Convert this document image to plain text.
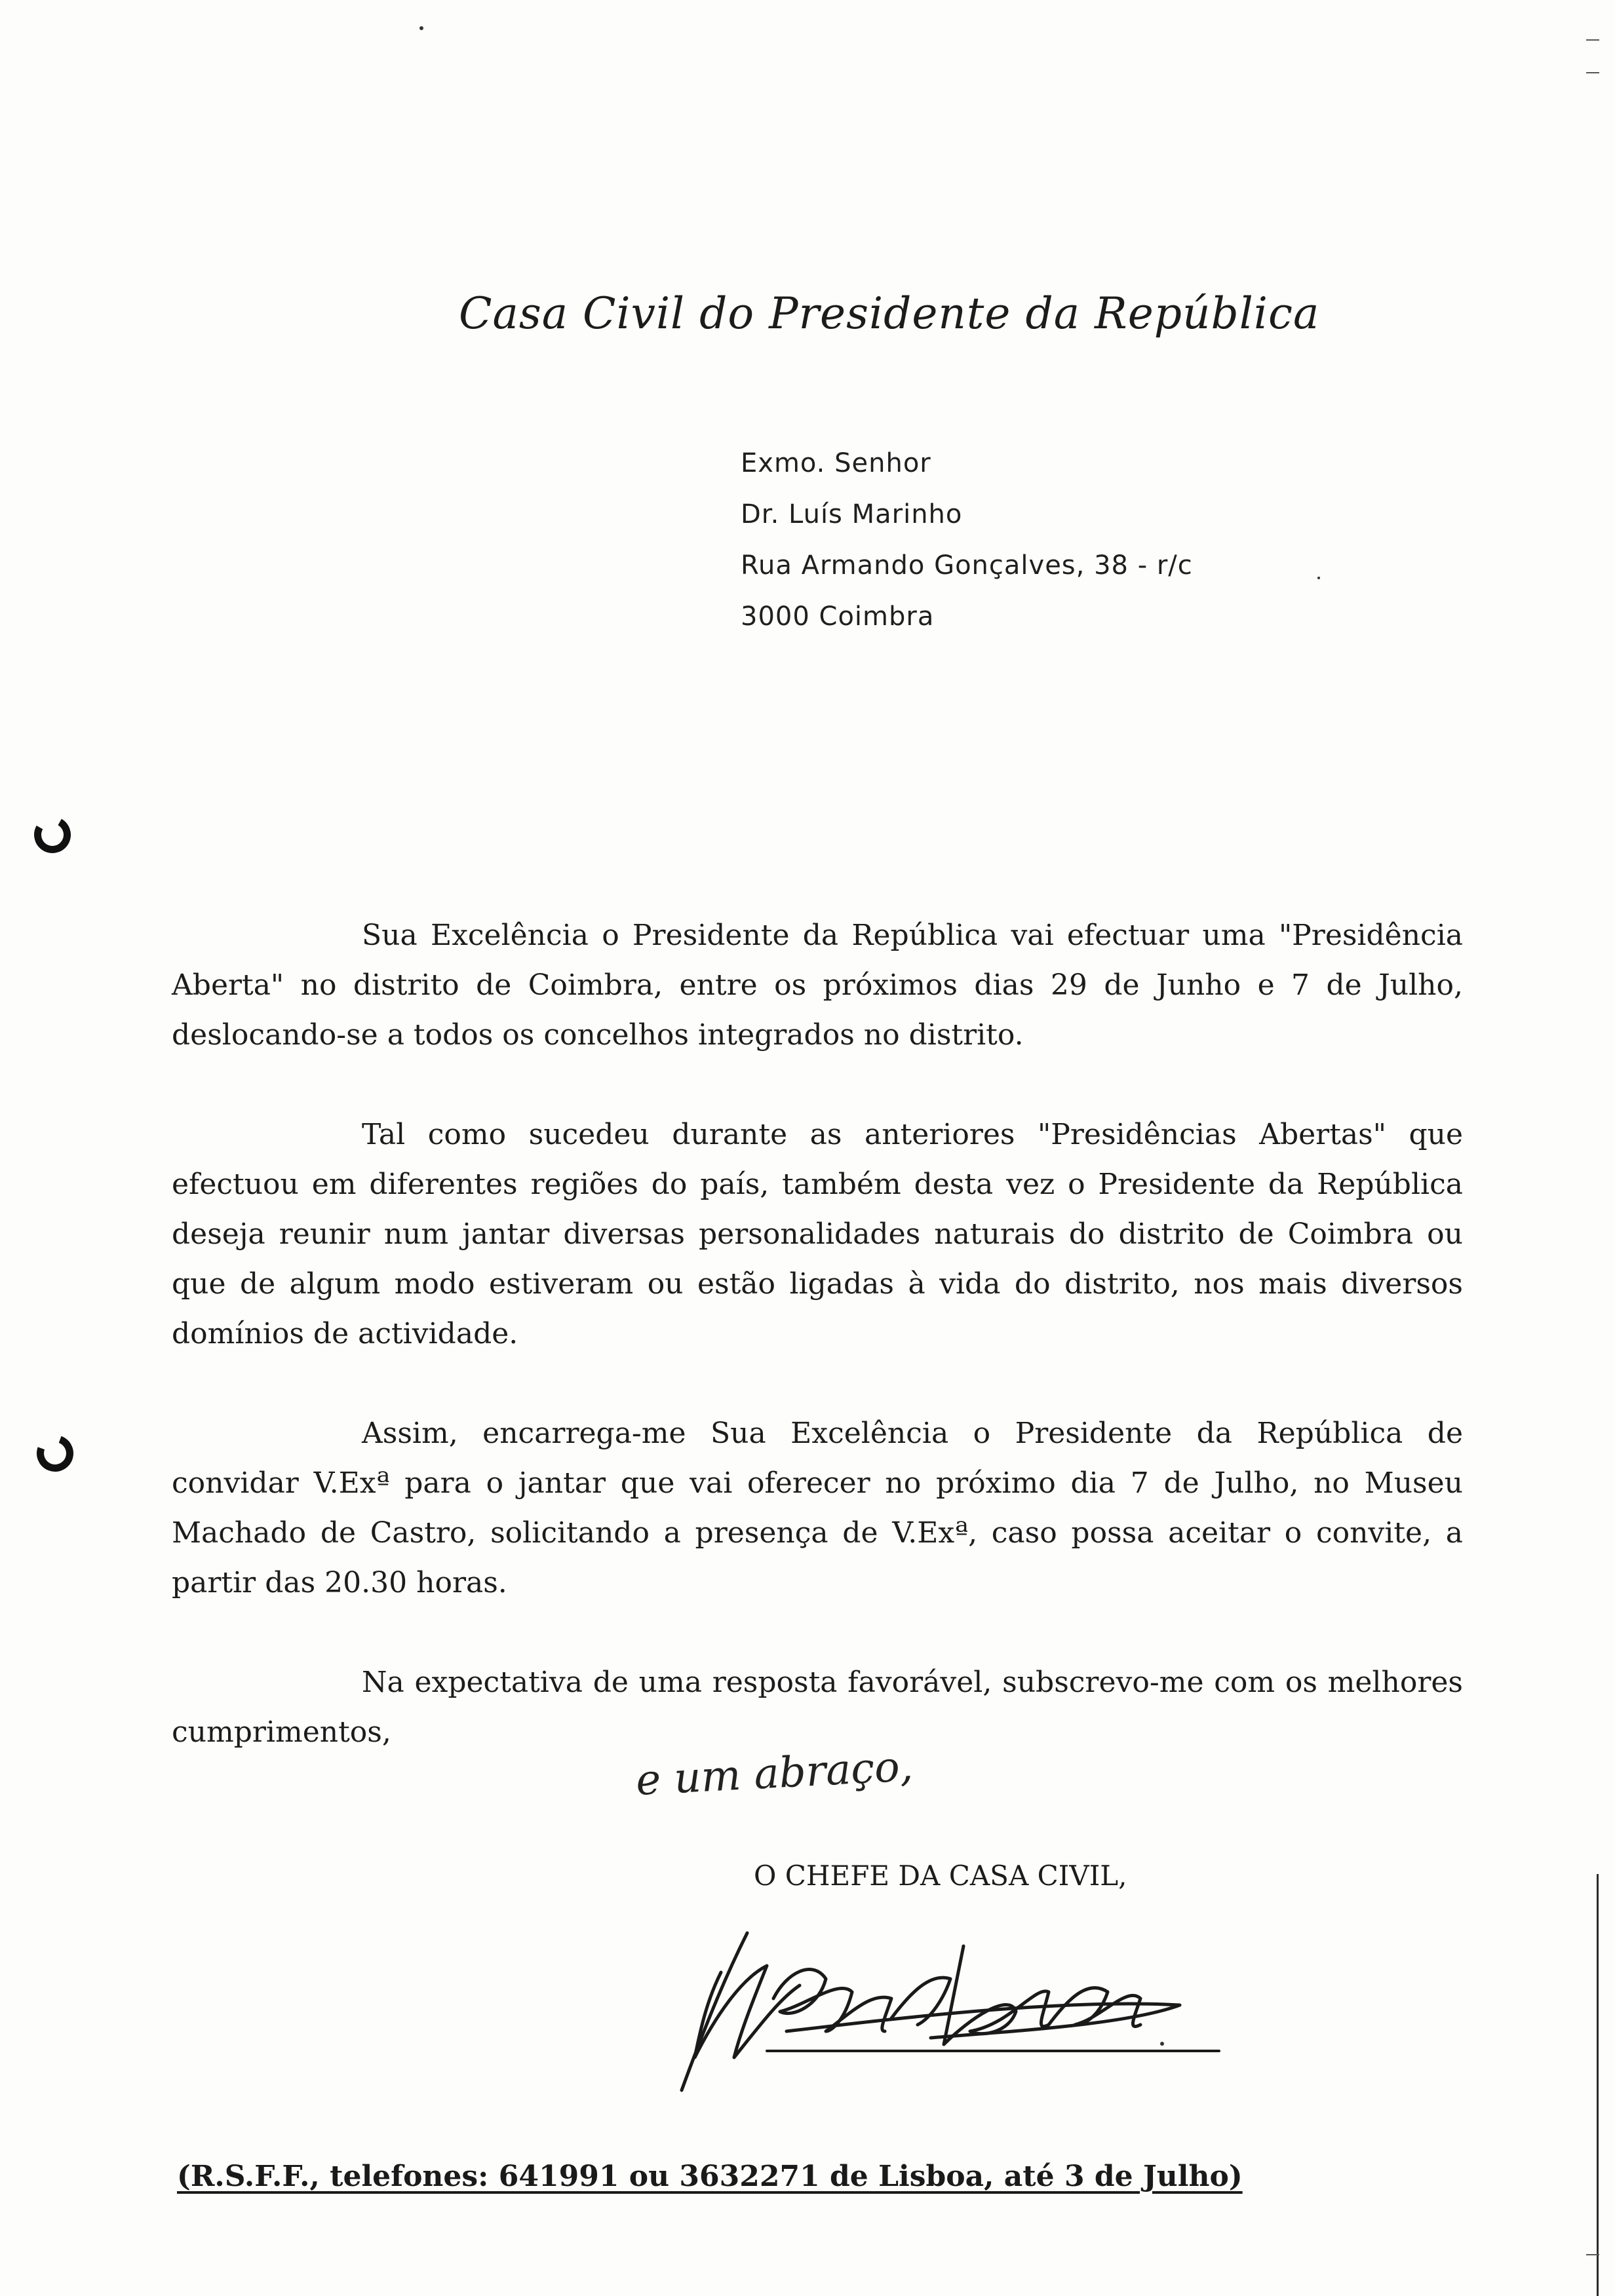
Casa Civil do Presidente da República
Exmo. Senhor
Dr. Luís Marinho
Rua Armando Gonçalves, 38 - r/c
3000 Coimbra

Sua Excelência o Presidente da República vai efectuar uma "Presidência Aberta" no distrito de Coimbra, entre os próximos dias 29 de Junho e 7 de Julho, deslocando-se a todos os concelhos integrados no distrito.

Tal como sucedeu durante as anteriores "Presidências Abertas" que efectuou em diferentes regiões do país, também desta vez o Presidente da República deseja reunir num jantar diversas personalidades naturais do distrito de Coimbra ou que de algum modo estiveram ou estão ligadas à vida do distrito, nos mais diversos domínios de actividade.

Assim, encarrega-me Sua Excelência o Presidente da República de convidar V.Exª para o jantar que vai oferecer no próximo dia 7 de Julho, no Museu Machado de Castro, solicitando a presença de V.Exª, caso possa aceitar o convite, a partir das 20.30 horas.

Na expectativa de uma resposta favorável, subscrevo-me com os melhores cumprimentos,

e um abraço,
O CHEFE DA CASA CIVIL,
(R.S.F.F., telefones: 641991 ou 3632271 de Lisboa, até 3 de Julho)
